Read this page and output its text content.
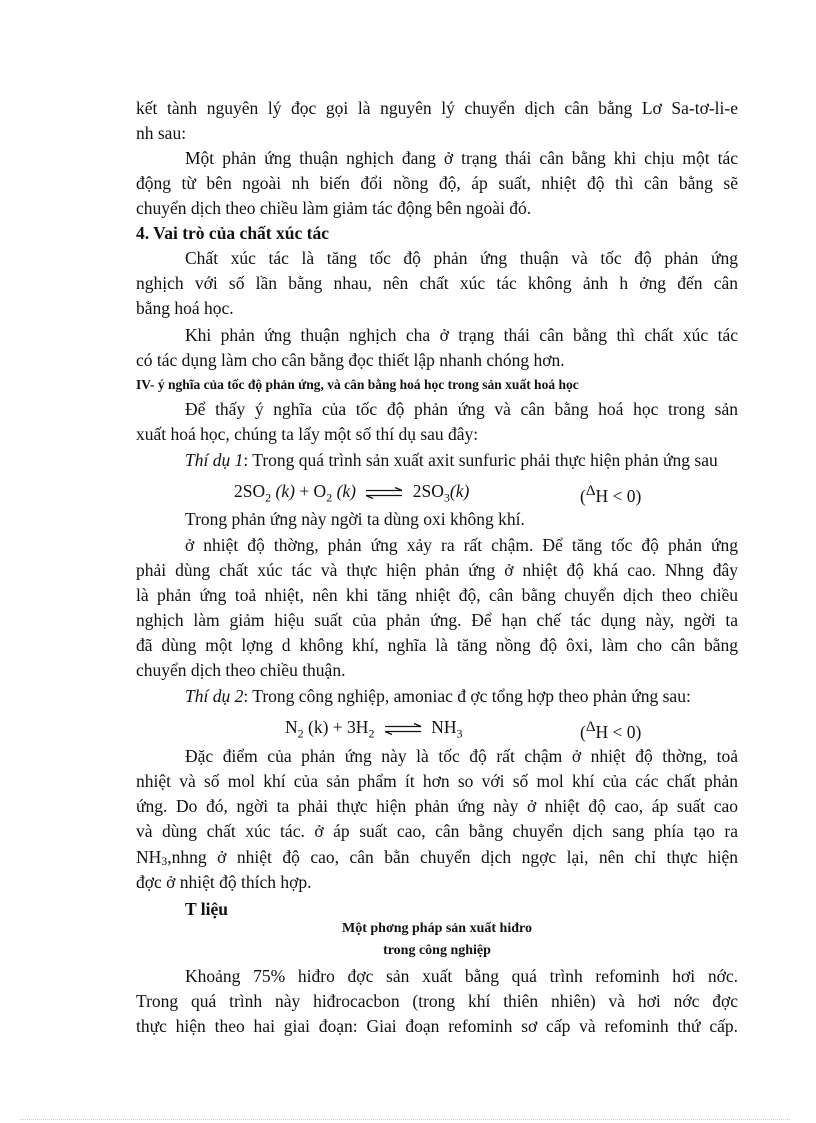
kết tành nguyên lý đọc gọi là nguyên lý chuyển dịch cân bằng Lơ Sa-tơ-li-e
nh sau:
Một phản ứng thuận nghịch đang ở trạng thái cân bằng khi chịu một tác
động từ bên ngoài nh biến đổi nồng độ, áp suất, nhiệt độ thì cân bằng sẽ
chuyển dịch theo chiều làm giảm tác động bên ngoài đó.
4. Vai trò của chất xúc tác
Chất xúc tác là tăng tốc độ phản ứng thuận và tốc độ phản ứng
nghịch với số lần bằng nhau, nên chất xúc tác không ảnh h ởng đến cân
bằng hoá học.
Khi phản ứng thuận nghịch cha ở trạng thái cân bằng thì chất xúc tác
có tác dụng làm cho cân bằng đọc thiết lập nhanh chóng hơn.
IV- ý nghĩa của tốc độ phản ứng, và cân bằng hoá học trong sản xuất hoá học
Để thấy ý nghĩa của tốc độ phản ứng và cân bằng hoá học trong sản
xuất hoá học, chúng ta lấy một số thí dụ sau đây:
Thí dụ 1: Trong quá trình sản xuất axit sunfuric phải thực hiện phản ứng sau
$2SO_2$ $(k) + O_2$ (k) ⇌ $2SO_3(k)$	($^\Delta$H < 0)
Trong phản ứng này ngời ta dùng oxi không khí.
ở nhiệt độ thờng, phản ứng xảy ra rất chậm. Để tăng tốc độ phản ứng
phải dùng chất xúc tác và thực hiện phản ứng ở nhiệt độ khá cao. Nhng đây
là phản ứng toả nhiệt, nên khi tăng nhiệt độ, cân bằng chuyển dịch theo chiều
nghịch làm giảm hiệu suất của phản ứng. Để hạn chế tác dụng này, ngời ta
đã dùng một lợng d không khí, nghĩa là tăng nồng độ ôxi, làm cho cân bằng
chuyển dịch theo chiều thuận.
Thí dụ 2: Trong công nghiệp, amoniac đ ợc tổng hợp theo phản ứng sau:
$N_2$ $(k) + 3H_2$ ⇌ $NH_3$	($^\Delta$H < 0)
Đặc điểm của phản ứng này là tốc độ rất chậm ở nhiệt độ thờng, toả
nhiệt và số mol khí của sản phẩm ít hơn so với số mol khí của các chất phản
ứng. Do đó, ngời ta phải thực hiện phản ứng này ở nhiệt độ cao, áp suất cao
và dùng chất xúc tác. ở áp suất cao, cân bằng chuyển dịch sang phía tạo ra
$NH_3$ ,nhng ở nhiệt độ cao, cân bằn chuyển dịch ngợc lại, nên chỉ thực hiện
đợc ở nhiệt độ thích hợp.
T liệu
Một phơng pháp sản xuất hiđro
trong công nghiệp
Khoảng 75% hiđro đợc sản xuất bằng quá trình refominh hơi nớc.
Trong quá trình này hiđrocacbon (trong khí thiên nhiên) và hơi nớc đợc
thực hiện theo hai giai đoạn: Giai đoạn refominh sơ cấp và refominh thứ cấp.
